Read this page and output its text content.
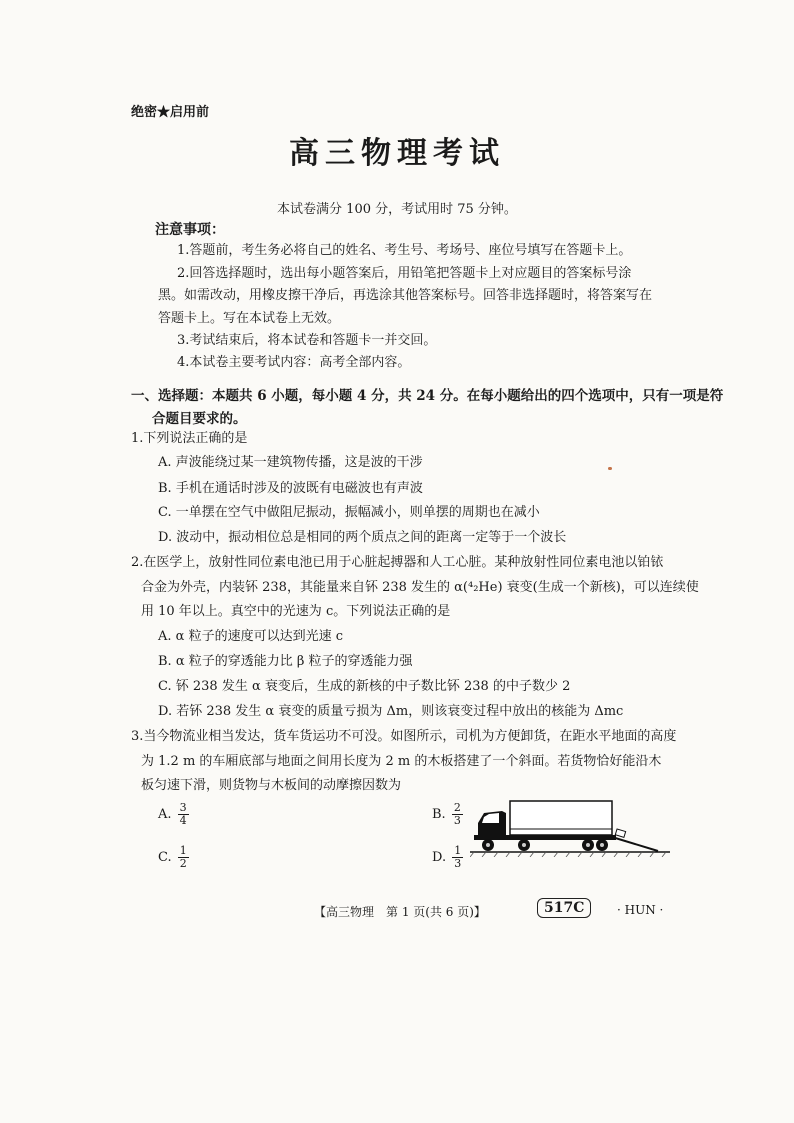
绝密★启用前
高三物理考试
本试卷满分 100 分，考试用时 75 分钟。
注意事项：
1.答题前，考生务必将自己的姓名、考生号、考场号、座位号填写在答题卡上。
2.回答选择题时，选出每小题答案后，用铅笔把答题卡上对应题目的答案标号涂
黑。如需改动，用橡皮擦干净后，再选涂其他答案标号。回答非选择题时，将答案写在
答题卡上。写在本试卷上无效。
3.考试结束后，将本试卷和答题卡一并交回。
4.本试卷主要考试内容：高考全部内容。
一、选择题：本题共 6 小题，每小题 4 分，共 24 分。在每小题给出的四个选项中，只有一项是符
合题目要求的。
1.下列说法正确的是
A. 声波能绕过某一建筑物传播，这是波的干涉
B. 手机在通话时涉及的波既有电磁波也有声波
C. 一单摆在空气中做阻尼振动，振幅减小，则单摆的周期也在减小
D. 波动中，振动相位总是相同的两个质点之间的距离一定等于一个波长
2.在医学上，放射性同位素电池已用于心脏起搏器和人工心脏。某种放射性同位素电池以铂铱
合金为外壳，内装钚 238，其能量来自钚 238 发生的 α(⁴₂He) 衰变(生成一个新核)，可以连续使
用 10 年以上。真空中的光速为 c。下列说法正确的是
A. α 粒子的速度可以达到光速 c
B. α 粒子的穿透能力比 β 粒子的穿透能力强
C. 钚 238 发生 α 衰变后，生成的新核的中子数比钚 238 的中子数少 2
D. 若钚 238 发生 α 衰变的质量亏损为 Δm，则该衰变过程中放出的核能为 Δmc
3.当今物流业相当发达，货车货运功不可没。如图所示，司机为方便卸货，在距水平地面的高度
为 1.2 m 的车厢底部与地面之间用长度为 2 m 的木板搭建了一个斜面。若货物恰好能沿木
板匀速下滑，则货物与木板间的动摩擦因数为
A. $\frac{3}{4}$	B. $\frac{2}{3}$
C. $\frac{1}{2}$	D. $\frac{1}{3}$
【高三物理　第 1 页(共 6 页)】	517C	· HUN ·
